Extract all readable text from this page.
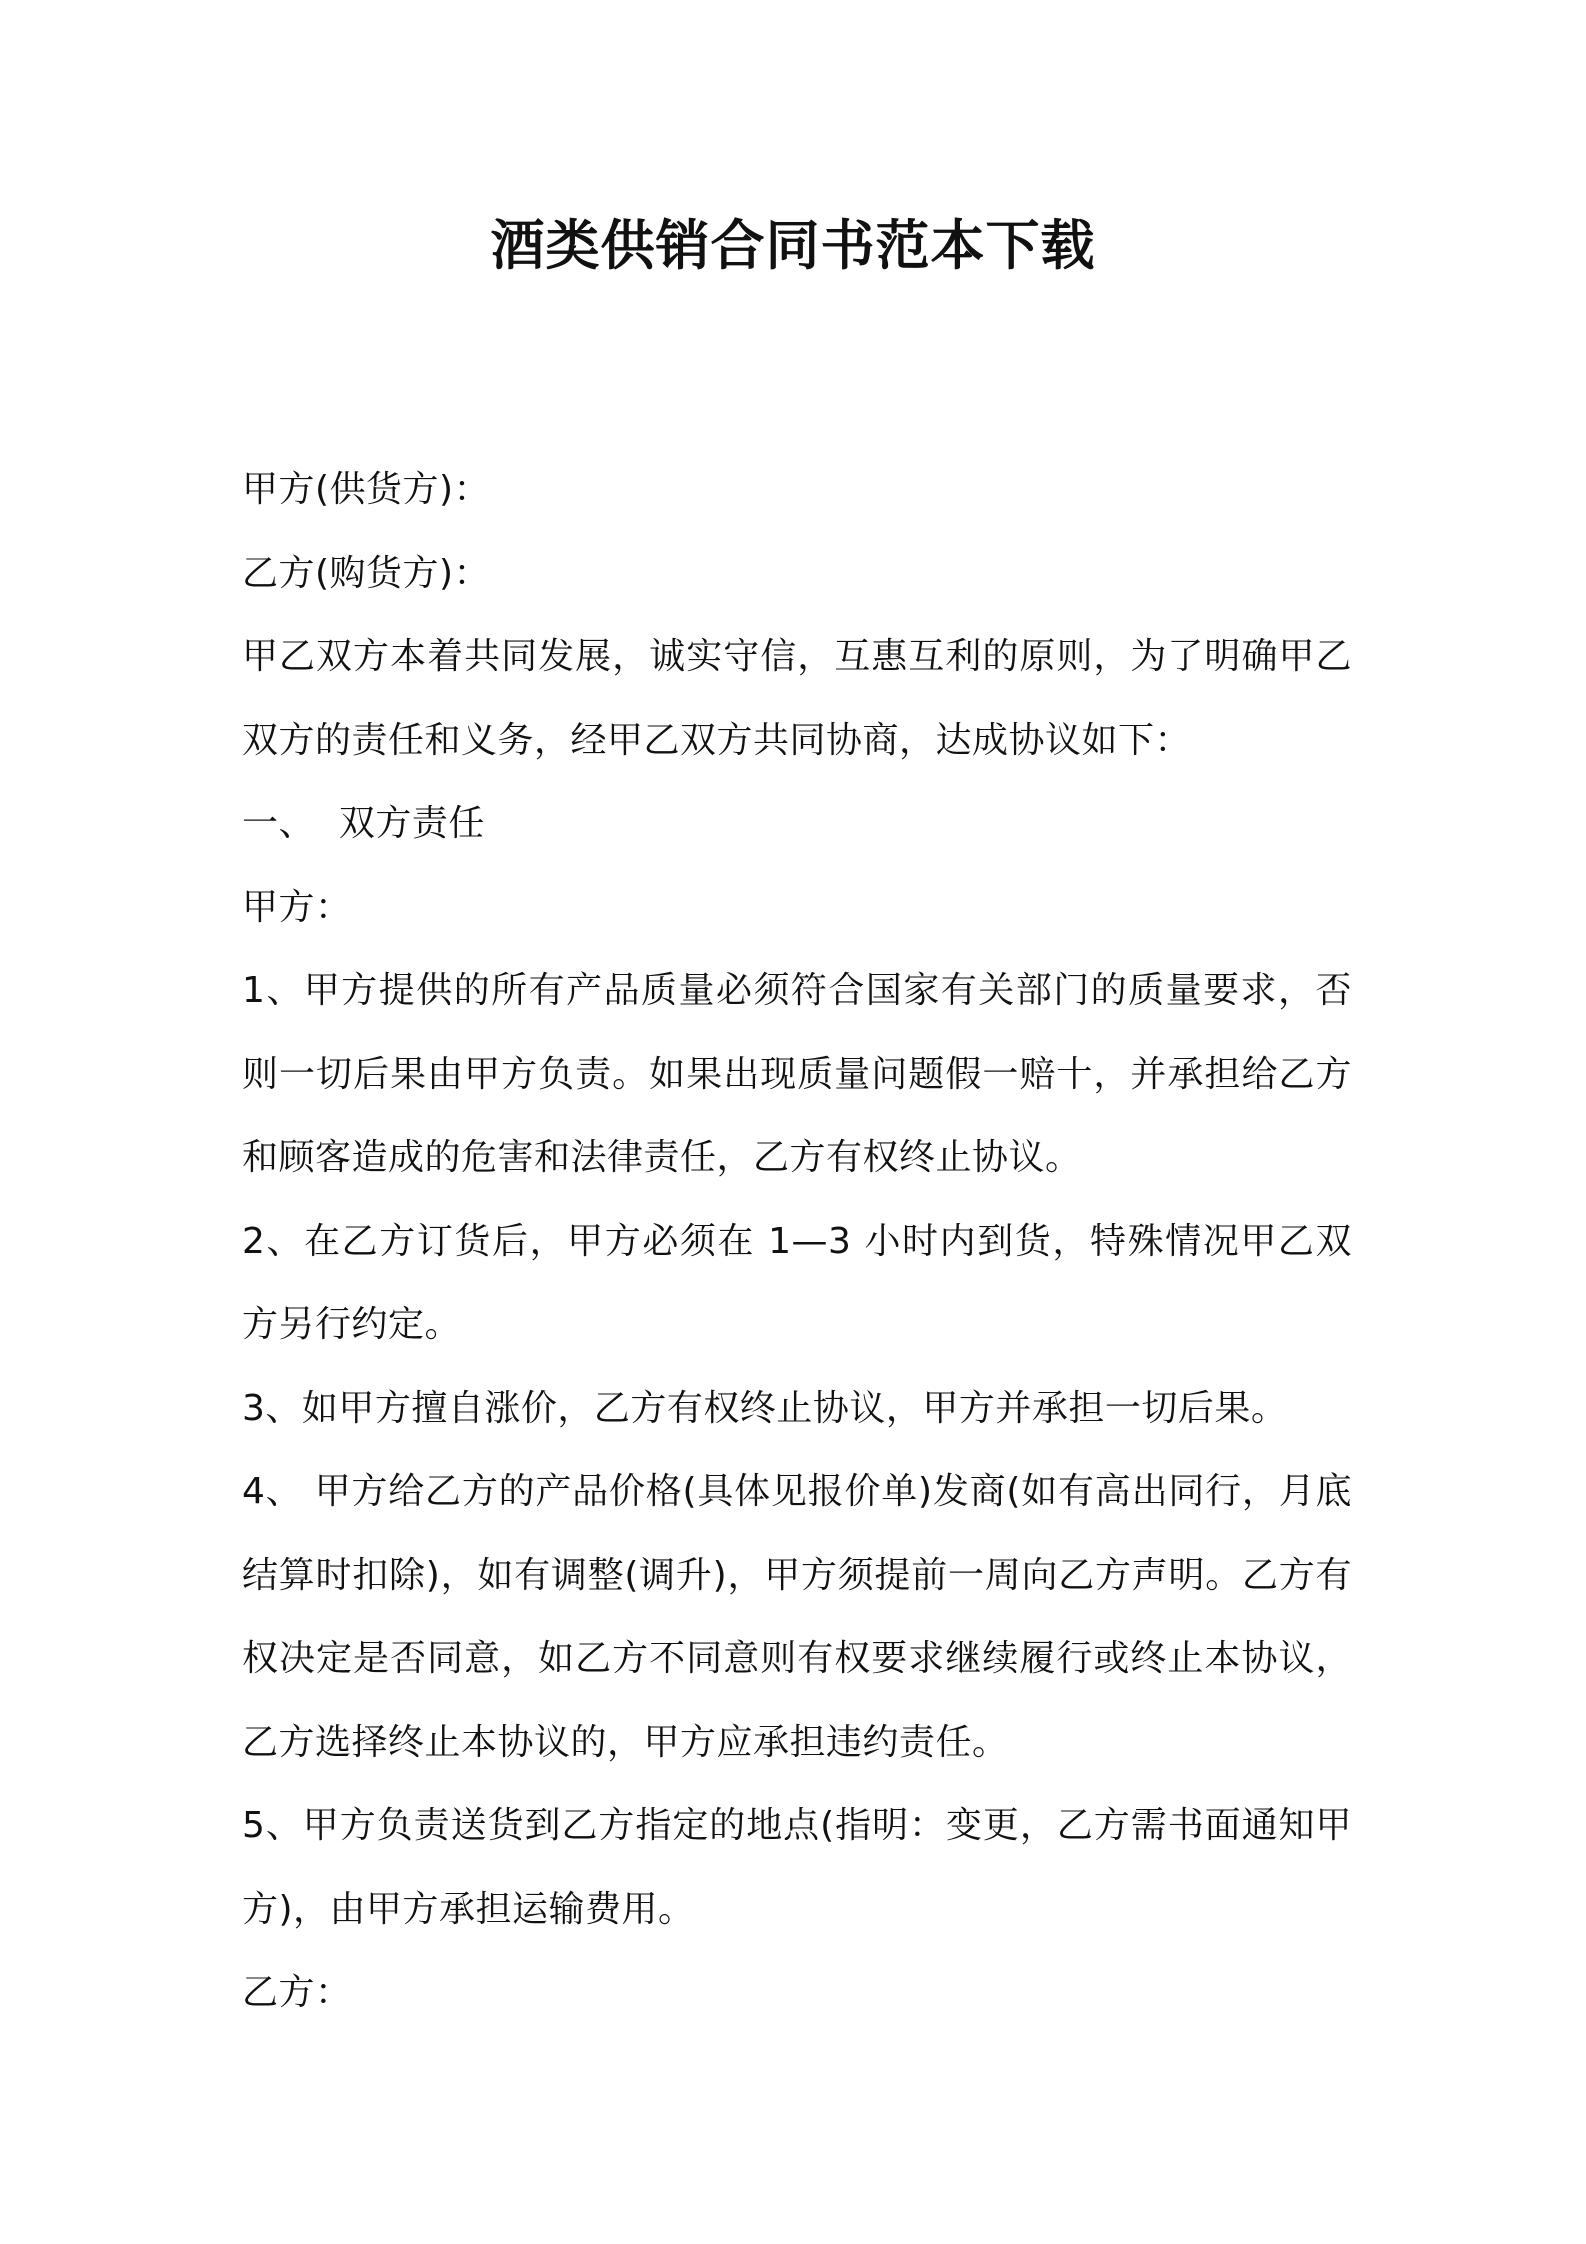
酒类供销合同书范本下载

甲方(供货方)：

乙方(购货方)：

甲乙双方本着共同发展，诚实守信，互惠互利的原则，为了明确甲乙双方的责任和义务，经甲乙双方共同协商，达成协议如下：

一、  双方责任

甲方：

1、甲方提供的所有产品质量必须符合国家有关部门的质量要求，否则一切后果由甲方负责。如果出现质量问题假一赔十，并承担给乙方和顾客造成的危害和法律责任，乙方有权终止协议。

2、在乙方订货后，甲方必须在 1—3 小时内到货，特殊情况甲乙双方另行约定。

3、如甲方擅自涨价，乙方有权终止协议，甲方并承担一切后果。

4、 甲方给乙方的产品价格(具体见报价单)发商(如有高出同行，月底结算时扣除)，如有调整(调升)，甲方须提前一周向乙方声明。乙方有权决定是否同意，如乙方不同意则有权要求继续履行或终止本协议，乙方选择终止本协议的，甲方应承担违约责任。

5、甲方负责送货到乙方指定的地点(指明：变更，乙方需书面通知甲方)，由甲方承担运输费用。

乙方：
